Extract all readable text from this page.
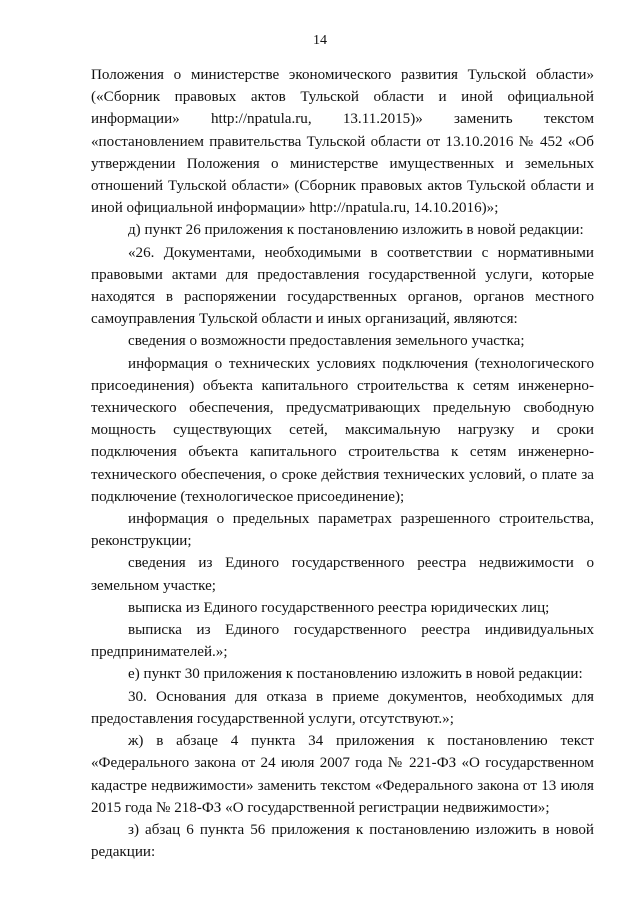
14

Положения о министерстве экономического развития Тульской области» («Сборник правовых актов Тульской области и иной официальной информации» http://npatula.ru, 13.11.2015)» заменить текстом «постановлением правительства Тульской области от 13.10.2016 № 452 «Об утверждении Положения о министерстве имущественных и земельных отношений Тульской области» (Сборник правовых актов Тульской области и иной официальной информации» http://npatula.ru, 14.10.2016)»;

д) пункт 26 приложения к постановлению изложить в новой редакции:

«26. Документами, необходимыми в соответствии с нормативными правовыми актами для предоставления государственной услуги, которые находятся в распоряжении государственных органов, органов местного самоуправления Тульской области и иных организаций, являются:

сведения о возможности предоставления земельного участка;

информация о технических условиях подключения (технологического присоединения) объекта капитального строительства к сетям инженерно-технического обеспечения, предусматривающих предельную свободную мощность существующих сетей, максимальную нагрузку и сроки подключения объекта капитального строительства к сетям инженерно-технического обеспечения, о сроке действия технических условий, о плате за подключение (технологическое присоединение);

информация о предельных параметрах разрешенного строительства, реконструкции;

сведения из Единого государственного реестра недвижимости о земельном участке;

выписка из Единого государственного реестра юридических лиц;

выписка из Единого государственного реестра индивидуальных предпринимателей.»;

е) пункт 30 приложения к постановлению изложить в новой редакции:

30. Основания для отказа в приеме документов, необходимых для предоставления государственной услуги, отсутствуют.»;

ж) в абзаце 4 пункта 34 приложения к постановлению текст «Федерального закона от 24 июля 2007 года № 221-ФЗ «О государственном кадастре недвижимости» заменить текстом «Федерального закона от 13 июля 2015 года № 218-ФЗ «О государственной регистрации недвижимости»;

з) абзац 6 пункта 56 приложения к постановлению изложить в новой редакции:
